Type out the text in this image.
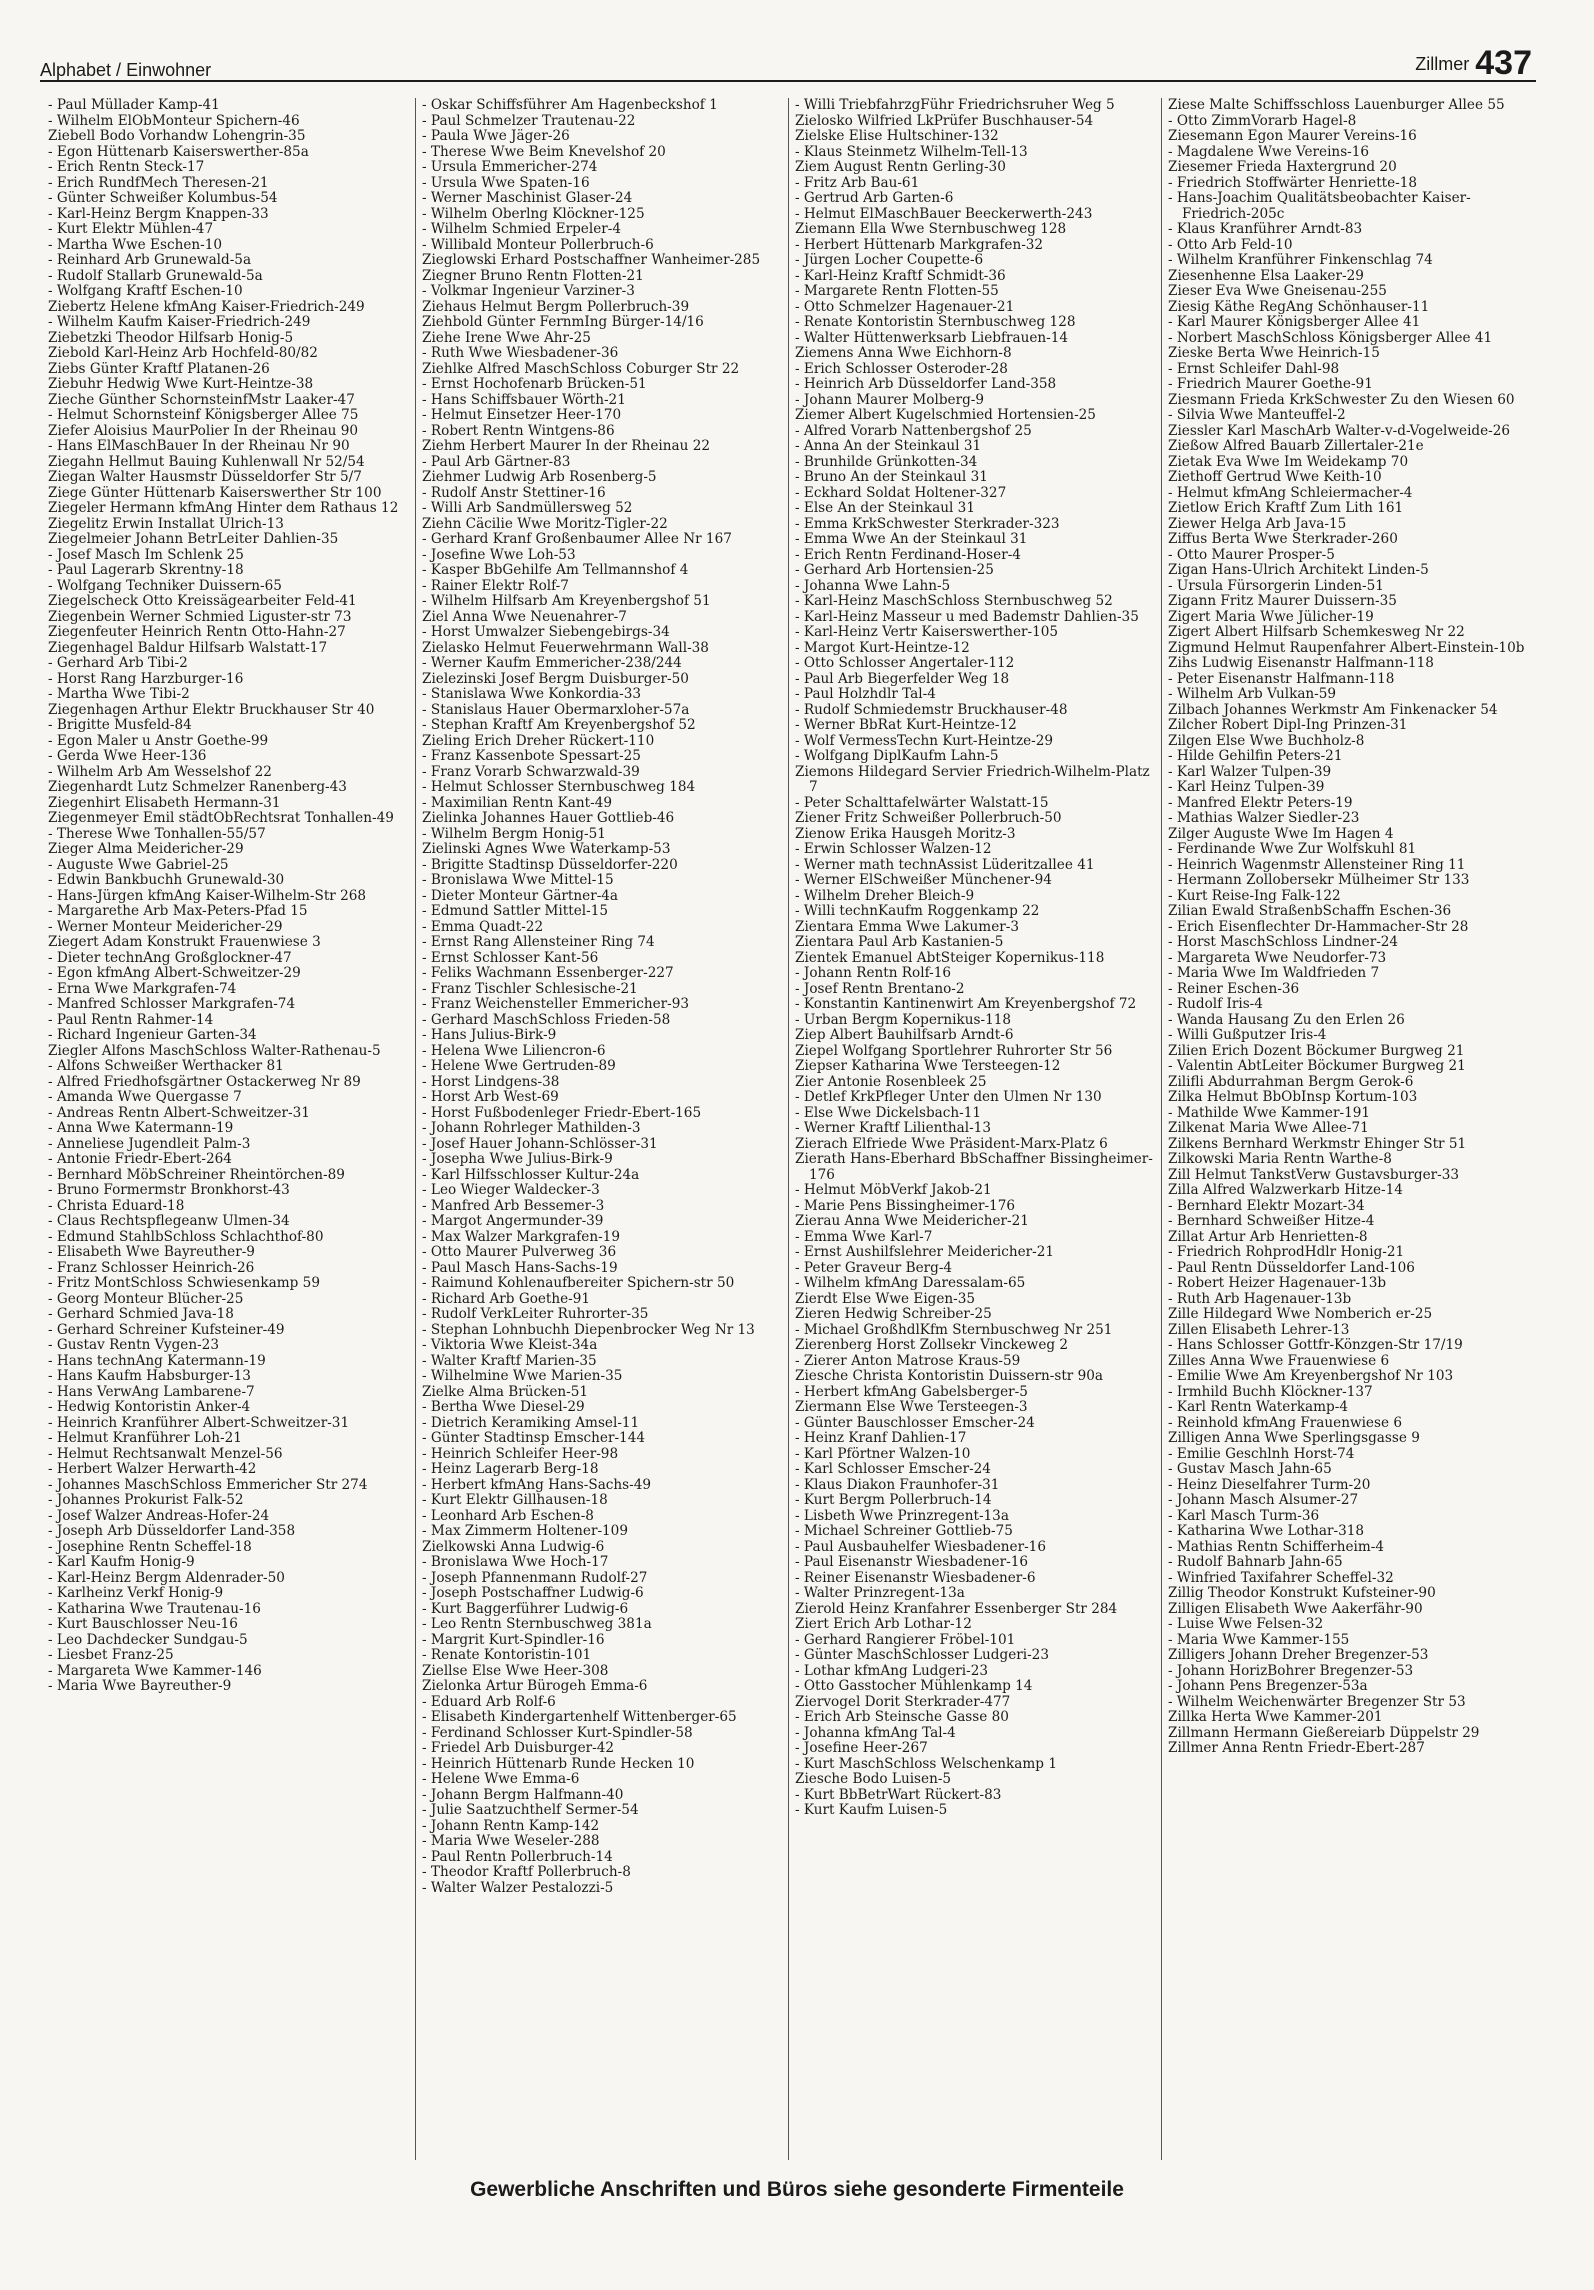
Alphabet / Einwohner	Zillmer 437

- Paul Müllader Kamp-41

- Wilhelm ElObMonteur Spichern-46

Ziebell Bodo Vorhandw Lohengrin-35

- Egon Hüttenarb Kaiserswerther-85a

- Erich Rentn Steck-17

- Erich RundfMech Theresen-21

- Günter Schweißer Kolumbus-54

- Karl-Heinz Bergm Knappen-33

- Kurt Elektr Mühlen-47

- Martha Wwe Eschen-10

- Reinhard Arb Grunewald-5a

- Rudolf Stallarb Grunewald-5a

- Wolfgang Kraftf Eschen-10

Ziebertz Helene kfmAng Kaiser-Friedrich-249

- Wilhelm Kaufm Kaiser-Friedrich-249

Ziebetzki Theodor Hilfsarb Honig-5

Ziebold Karl-Heinz Arb Hochfeld-80/82

Ziebs Günter Kraftf Platanen-26

Ziebuhr Hedwig Wwe Kurt-Heintze-38

Zieche Günther SchornsteinfMstr Laaker-47

- Helmut Schornsteinf Königsberger Allee 75

Ziefer Aloisius MaurPolier In der Rheinau 90

- Hans ElMaschBauer In der Rheinau Nr 90

Ziegahn Hellmut Bauing Kuhlenwall Nr 52/54

Ziegan Walter Hausmstr Düsseldorfer Str 5/7

Ziege Günter Hüttenarb Kaiserswerther Str 100

Ziegeler Hermann kfmAng Hinter dem Rathaus 12

Ziegelitz Erwin Installat Ulrich-13

Ziegelmeier Johann BetrLeiter Dahlien-35

- Josef Masch Im Schlenk 25

- Paul Lagerarb Skrentny-18

- Wolfgang Techniker Duissern-65

Ziegelscheck Otto Kreissägearbeiter Feld-41

Ziegenbein Werner Schmied Liguster-str 73

Ziegenfeuter Heinrich Rentn Otto-Hahn-27

Ziegenhagel Baldur Hilfsarb Walstatt-17

- Gerhard Arb Tibi-2

- Horst Rang Harzburger-16

- Martha Wwe Tibi-2

Ziegenhagen Arthur Elektr Bruckhauser Str 40

- Brigitte Musfeld-84

- Egon Maler u Anstr Goethe-99

- Gerda Wwe Heer-136

- Wilhelm Arb Am Wesselshof 22

Ziegenhardt Lutz Schmelzer Ranenberg-43

Ziegenhirt Elisabeth Hermann-31

Ziegenmeyer Emil städtObRechtsrat Tonhallen-49

- Therese Wwe Tonhallen-55/57

Zieger Alma Meidericher-29

- Auguste Wwe Gabriel-25

- Edwin Bankbuchh Grunewald-30

- Hans-Jürgen kfmAng Kaiser-Wilhelm-Str 268

- Margarethe Arb Max-Peters-Pfad 15

- Werner Monteur Meidericher-29

Ziegert Adam Konstrukt Frauenwiese 3

- Dieter technAng Großglockner-47

- Egon kfmAng Albert-Schweitzer-29

- Erna Wwe Markgrafen-74

- Manfred Schlosser Markgrafen-74

- Paul Rentn Rahmer-14

- Richard Ingenieur Garten-34

Ziegler Alfons MaschSchloss Walter-Rathenau-5

- Alfons Schweißer Werthacker 81

- Alfred Friedhofsgärtner Ostackerweg Nr 89

- Amanda Wwe Quergasse 7

- Andreas Rentn Albert-Schweitzer-31

- Anna Wwe Katermann-19

- Anneliese Jugendleit Palm-3

- Antonie Friedr-Ebert-264

- Bernhard MöbSchreiner Rheintörchen-89

- Bruno Formermstr Bronkhorst-43

- Christa Eduard-18

- Claus Rechtspflegeanw Ulmen-34

- Edmund StahlbSchloss Schlachthof-80

- Elisabeth Wwe Bayreuther-9

- Franz Schlosser Heinrich-26

- Fritz MontSchloss Schwiesenkamp 59

- Georg Monteur Blücher-25

- Gerhard Schmied Java-18

- Gerhard Schreiner Kufsteiner-49

- Gustav Rentn Vygen-23

- Hans technAng Katermann-19

- Hans Kaufm Habsburger-13

- Hans VerwAng Lambarene-7

- Hedwig Kontoristin Anker-4

- Heinrich Kranführer Albert-Schweitzer-31

- Helmut Kranführer Loh-21

- Helmut Rechtsanwalt Menzel-56

- Herbert Walzer Herwarth-42

- Johannes MaschSchloss Emmericher Str 274

- Johannes Prokurist Falk-52

- Josef Walzer Andreas-Hofer-24

- Joseph Arb Düsseldorfer Land-358

- Josephine Rentn Scheffel-18

- Karl Kaufm Honig-9

- Karl-Heinz Bergm Aldenrader-50

- Karlheinz Verkf Honig-9

- Katharina Wwe Trautenau-16

- Kurt Bauschlosser Neu-16

- Leo Dachdecker Sundgau-5

- Liesbet Franz-25

- Margareta Wwe Kammer-146

- Maria Wwe Bayreuther-9

- Oskar Schiffsführer Am Hagenbeckshof 1

- Paul Schmelzer Trautenau-22

- Paula Wwe Jäger-26

- Therese Wwe Beim Knevelshof 20

- Ursula Emmericher-274

- Ursula Wwe Spaten-16

- Werner Maschinist Glaser-24

- Wilhelm Oberlng Klöckner-125

- Wilhelm Schmied Erpeler-4

- Willibald Monteur Pollerbruch-6

Zieglowski Erhard Postschaffner Wanheimer-285

Ziegner Bruno Rentn Flotten-21

- Volkmar Ingenieur Varziner-3

Ziehaus Helmut Bergm Pollerbruch-39

Ziehbold Günter FernmIng Bürger-14/16

Ziehe Irene Wwe Ahr-25

- Ruth Wwe Wiesbadener-36

Ziehlke Alfred MaschSchloss Coburger Str 22

- Ernst Hochofenarb Brücken-51

- Hans Schiffsbauer Wörth-21

- Helmut Einsetzer Heer-170

- Robert Rentn Wintgens-86

Ziehm Herbert Maurer In der Rheinau 22

- Paul Arb Gärtner-83

Ziehmer Ludwig Arb Rosenberg-5

- Rudolf Anstr Stettiner-16

- Willi Arb Sandmüllersweg 52

Ziehn Cäcilie Wwe Moritz-Tigler-22

- Gerhard Kranf Großenbaumer Allee Nr 167

- Josefine Wwe Loh-53

- Kasper BbGehilfe Am Tellmannshof 4

- Rainer Elektr Rolf-7

- Wilhelm Hilfsarb Am Kreyenbergshof 51

Ziel Anna Wwe Neuenahrer-7

- Horst Umwalzer Siebengebirgs-34

Zielasko Helmut Feuerwehrmann Wall-38

- Werner Kaufm Emmericher-238/244

Zielezinski Josef Bergm Duisburger-50

- Stanislawa Wwe Konkordia-33

- Stanislaus Hauer Obermarxloher-57a

- Stephan Kraftf Am Kreyenbergshof 52

Zieling Erich Dreher Rückert-110

- Franz Kassenbote Spessart-25

- Franz Vorarb Schwarzwald-39

- Helmut Schlosser Sternbuschweg 184

- Maximilian Rentn Kant-49

Zielinka Johannes Hauer Gottlieb-46

- Wilhelm Bergm Honig-51

Zielinski Agnes Wwe Waterkamp-53

- Brigitte Stadtinsp Düsseldorfer-220

- Bronislawa Wwe Mittel-15

- Dieter Monteur Gärtner-4a

- Edmund Sattler Mittel-15

- Emma Quadt-22

- Ernst Rang Allensteiner Ring 74

- Ernst Schlosser Kant-56

- Feliks Wachmann Essenberger-227

- Franz Tischler Schlesische-21

- Franz Weichensteller Emmericher-93

- Gerhard MaschSchloss Frieden-58

- Hans Julius-Birk-9

- Helena Wwe Liliencron-6

- Helene Wwe Gertruden-89

- Horst Lindgens-38

- Horst Arb West-69

- Horst Fußbodenleger Friedr-Ebert-165

- Johann Rohrleger Mathilden-3

- Josef Hauer Johann-Schlösser-31

- Josepha Wwe Julius-Birk-9

- Karl Hilfsschlosser Kultur-24a

- Leo Wieger Waldecker-3

- Manfred Arb Bessemer-3

- Margot Angermunder-39

- Max Walzer Markgrafen-19

- Otto Maurer Pulverweg 36

- Paul Masch Hans-Sachs-19

- Raimund Kohlenaufbereiter Spichern-str 50

- Richard Arb Goethe-91

- Rudolf VerkLeiter Ruhrorter-35

- Stephan Lohnbuchh Diepenbrocker Weg Nr 13

- Viktoria Wwe Kleist-34a

- Walter Kraftf Marien-35

- Wilhelmine Wwe Marien-35

Zielke Alma Brücken-51

- Bertha Wwe Diesel-29

- Dietrich Keramiking Amsel-11

- Günter Stadtinsp Emscher-144

- Heinrich Schleifer Heer-98

- Heinz Lagerarb Berg-18

- Herbert kfmAng Hans-Sachs-49

- Kurt Elektr Gillhausen-18

- Leonhard Arb Eschen-8

- Max Zimmerm Holtener-109

Zielkowski Anna Ludwig-6

- Bronislawa Wwe Hoch-17

- Joseph Pfannenmann Rudolf-27

- Joseph Postschaffner Ludwig-6

- Kurt Baggerführer Ludwig-6

- Leo Rentn Sternbuschweg 381a

- Margrit Kurt-Spindler-16

- Renate Kontoristin-101

Ziellse Else Wwe Heer-308

Zielonka Artur Bürogeh Emma-6

- Eduard Arb Rolf-6

- Elisabeth Kindergartenhelf Wittenberger-65

- Ferdinand Schlosser Kurt-Spindler-58

- Friedel Arb Duisburger-42

- Heinrich Hüttenarb Runde Hecken 10

- Helene Wwe Emma-6

- Johann Bergm Halfmann-40

- Julie Saatzuchthelf Sermer-54

- Johann Rentn Kamp-142

- Maria Wwe Weseler-288

- Paul Rentn Pollerbruch-14

- Theodor Kraftf Pollerbruch-8

- Walter Walzer Pestalozzi-5

- Willi TriebfahrzgFühr Friedrichsruher Weg 5

Zielosko Wilfried LkPrüfer Buschhauser-54

Zielske Elise Hultschiner-132

- Klaus Steinmetz Wilhelm-Tell-13

Ziem August Rentn Gerling-30

- Fritz Arb Bau-61

- Gertrud Arb Garten-6

- Helmut ElMaschBauer Beeckerwerth-243

Ziemann Ella Wwe Sternbuschweg 128

- Herbert Hüttenarb Markgrafen-32

- Jürgen Locher Coupette-6

- Karl-Heinz Kraftf Schmidt-36

- Margarete Rentn Flotten-55

- Otto Schmelzer Hagenauer-21

- Renate Kontoristin Sternbuschweg 128

- Walter Hüttenwerksarb Liebfrauen-14

Ziemens Anna Wwe Eichhorn-8

- Erich Schlosser Osteroder-28

- Heinrich Arb Düsseldorfer Land-358

- Johann Maurer Molberg-9

Ziemer Albert Kugelschmied Hortensien-25

- Alfred Vorarb Nattenbergshof 25

- Anna An der Steinkaul 31

- Brunhilde Grünkotten-34

- Bruno An der Steinkaul 31

- Eckhard Soldat Holtener-327

- Else An der Steinkaul 31

- Emma KrkSchwester Sterkrader-323

- Emma Wwe An der Steinkaul 31

- Erich Rentn Ferdinand-Hoser-4

- Gerhard Arb Hortensien-25

- Johanna Wwe Lahn-5

- Karl-Heinz MaschSchloss Sternbuschweg 52

- Karl-Heinz Masseur u med Bademstr Dahlien-35

- Karl-Heinz Vertr Kaiserswerther-105

- Margot Kurt-Heintze-12

- Otto Schlosser Angertaler-112

- Paul Arb Biegerfelder Weg 18

- Paul Holzhdlr Tal-4

- Rudolf Schmiedemstr Bruckhauser-48

- Werner BbRat Kurt-Heintze-12

- Wolf VermessTechn Kurt-Heintze-29

- Wolfgang DiplKaufm Lahn-5

Ziemons Hildegard Servier Friedrich-Wilhelm-Platz 7

- Peter Schalttafelwärter Walstatt-15

Ziener Fritz Schweißer Pollerbruch-50

Zienow Erika Hausgeh Moritz-3

- Erwin Schlosser Walzen-12

- Werner math technAssist Lüderitzallee 41

- Werner ElSchweißer Münchener-94

- Wilhelm Dreher Bleich-9

- Willi technKaufm Roggenkamp 22

Zientara Emma Wwe Lakumer-3

Zientara Paul Arb Kastanien-5

Zientek Emanuel AbtSteiger Kopernikus-118

- Johann Rentn Rolf-16

- Josef Rentn Brentano-2

- Konstantin Kantinenwirt Am Kreyenbergshof 72

- Urban Bergm Kopernikus-118

Ziep Albert Bauhilfsarb Arndt-6

Ziepel Wolfgang Sportlehrer Ruhrorter Str 56

Ziepser Katharina Wwe Tersteegen-12

Zier Antonie Rosenbleek 25

- Detlef KrkPfleger Unter den Ulmen Nr 130

- Else Wwe Dickelsbach-11

- Werner Kraftf Lilienthal-13

Zierach Elfriede Wwe Präsident-Marx-Platz 6

Zierath Hans-Eberhard BbSchaffner Bissingheimer-176

- Helmut MöbVerkf Jakob-21

- Marie Pens Bissingheimer-176

Zierau Anna Wwe Meidericher-21

- Emma Wwe Karl-7

- Ernst Aushilfslehrer Meidericher-21

- Peter Graveur Berg-4

- Wilhelm kfmAng Daressalam-65

Zierdt Else Wwe Eigen-35

Zieren Hedwig Schreiber-25

- Michael GroßhdlKfm Sternbuschweg Nr 251

Zierenberg Horst Zollsekr Vinckeweg 2

- Zierer Anton Matrose Kraus-59

Ziesche Christa Kontoristin Duissern-str 90a

- Herbert kfmAng Gabelsberger-5

Ziermann Else Wwe Tersteegen-3

- Günter Bauschlosser Emscher-24

- Heinz Kranf Dahlien-17

- Karl Pförtner Walzen-10

- Karl Schlosser Emscher-24

- Klaus Diakon Fraunhofer-31

- Kurt Bergm Pollerbruch-14

- Lisbeth Wwe Prinzregent-13a

- Michael Schreiner Gottlieb-75

- Paul Ausbauhelfer Wiesbadener-16

- Paul Eisenanstr Wiesbadener-16

- Reiner Eisenanstr Wiesbadener-6

- Walter Prinzregent-13a

Zierold Heinz Kranfahrer Essenberger Str 284

Ziert Erich Arb Lothar-12

- Gerhard Rangierer Fröbel-101

- Günter MaschSchlosser Ludgeri-23

- Lothar kfmAng Ludgeri-23

- Otto Gasstocher Mühlenkamp 14

Ziervogel Dorit Sterkrader-477

- Erich Arb Steinsche Gasse 80

- Johanna kfmAng Tal-4

- Josefine Heer-267

- Kurt MaschSchloss Welschenkamp 1

Ziesche Bodo Luisen-5

- Kurt BbBetrWart Rückert-83

- Kurt Kaufm Luisen-5

Ziese Malte Schiffsschloss Lauenburger Allee 55

- Otto ZimmVorarb Hagel-8

Ziesemann Egon Maurer Vereins-16

- Magdalene Wwe Vereins-16

Ziesemer Frieda Haxtergrund 20

- Friedrich Stoffwärter Henriette-18

- Hans-Joachim Qualitätsbeobachter Kaiser-Friedrich-205c

- Klaus Kranführer Arndt-83

- Otto Arb Feld-10

- Wilhelm Kranführer Finkenschlag 74

Ziesenhenne Elsa Laaker-29

Zieser Eva Wwe Gneisenau-255

Ziesig Käthe RegAng Schönhauser-11

- Karl Maurer Königsberger Allee 41

- Norbert MaschSchloss Königsberger Allee 41

Zieske Berta Wwe Heinrich-15

- Ernst Schleifer Dahl-98

- Friedrich Maurer Goethe-91

Ziesmann Frieda KrkSchwester Zu den Wiesen 60

- Silvia Wwe Manteuffel-2

Ziessler Karl MaschArb Walter-v-d-Vogelweide-26

Zießow Alfred Bauarb Zillertaler-21e

Zietak Eva Wwe Im Weidekamp 70

Ziethoff Gertrud Wwe Keith-10

- Helmut kfmAng Schleiermacher-4

Zietlow Erich Kraftf Zum Lith 161

Ziewer Helga Arb Java-15

Ziffus Berta Wwe Sterkrader-260

- Otto Maurer Prosper-5

Zigan Hans-Ulrich Architekt Linden-5

- Ursula Fürsorgerin Linden-51

Zigann Fritz Maurer Duissern-35

Zigert Maria Wwe Jülicher-19

Zigert Albert Hilfsarb Schemkesweg Nr 22

Zigmund Helmut Raupenfahrer Albert-Einstein-10b

Zihs Ludwig Eisenanstr Halfmann-118

- Peter Eisenanstr Halfmann-118

- Wilhelm Arb Vulkan-59

Zilbach Johannes Werkmstr Am Finkenacker 54

Zilcher Robert Dipl-Ing Prinzen-31

Zilgen Else Wwe Buchholz-8

- Hilde Gehilfin Peters-21

- Karl Walzer Tulpen-39

- Karl Heinz Tulpen-39

- Manfred Elektr Peters-19

- Mathias Walzer Siedler-23

Zilger Auguste Wwe Im Hagen 4

- Ferdinande Wwe Zur Wolfskuhl 81

- Heinrich Wagenmstr Allensteiner Ring 11

- Hermann Zollobersekr Mülheimer Str 133

- Kurt Reise-Ing Falk-122

Zilian Ewald StraßenbSchaffn Eschen-36

- Erich Eisenflechter Dr-Hammacher-Str 28

- Horst MaschSchloss Lindner-24

- Margareta Wwe Neudorfer-73

- Maria Wwe Im Waldfrieden 7

- Reiner Eschen-36

- Rudolf Iris-4

- Wanda Hausang Zu den Erlen 26

- Willi Gußputzer Iris-4

Zilien Erich Dozent Böckumer Burgweg 21

- Valentin AbtLeiter Böckumer Burgweg 21

Zilifli Abdurrahman Bergm Gerok-6

Zilka Helmut BbObInsp Kortum-103

- Mathilde Wwe Kammer-191

Zilkenat Maria Wwe Allee-71

Zilkens Bernhard Werkmstr Ehinger Str 51

Zilkowski Maria Rentn Warthe-8

Zill Helmut TankstVerw Gustavsburger-33

Zilla Alfred Walzwerkarb Hitze-14

- Bernhard Elektr Mozart-34

- Bernhard Schweißer Hitze-4

Zillat Artur Arb Henrietten-8

- Friedrich RohprodHdlr Honig-21

- Paul Rentn Düsseldorfer Land-106

- Robert Heizer Hagenauer-13b

- Ruth Arb Hagenauer-13b

Zille Hildegard Wwe Nomberich er-25

Zillen Elisabeth Lehrer-13

- Hans Schlosser Gottfr-Könzgen-Str 17/19

Zilles Anna Wwe Frauenwiese 6

- Emilie Wwe Am Kreyenbergshof Nr 103

- Irmhild Buchh Klöckner-137

- Karl Rentn Waterkamp-4

- Reinhold kfmAng Frauenwiese 6

Zilligen Anna Wwe Sperlingsgasse 9

- Emilie Geschlnh Horst-74

- Gustav Masch Jahn-65

- Heinz Dieselfahrer Turm-20

- Johann Masch Alsumer-27

- Karl Masch Turm-36

- Katharina Wwe Lothar-318

- Mathias Rentn Schifferheim-4

- Rudolf Bahnarb Jahn-65

- Winfried Taxifahrer Scheffel-32

Zillig Theodor Konstrukt Kufsteiner-90

Zilligen Elisabeth Wwe Aakerfähr-90

- Luise Wwe Felsen-32

- Maria Wwe Kammer-155

Zilligers Johann Dreher Bregenzer-53

- Johann HorizBohrer Bregenzer-53

- Johann Pens Bregenzer-53a

- Wilhelm Weichenwärter Bregenzer Str 53

Zillka Herta Wwe Kammer-201

Zillmann Hermann Gießereiarb Düppelstr 29

Zillmer Anna Rentn Friedr-Ebert-287

Gewerbliche Anschriften und Büros siehe gesonderte Firmenteile
